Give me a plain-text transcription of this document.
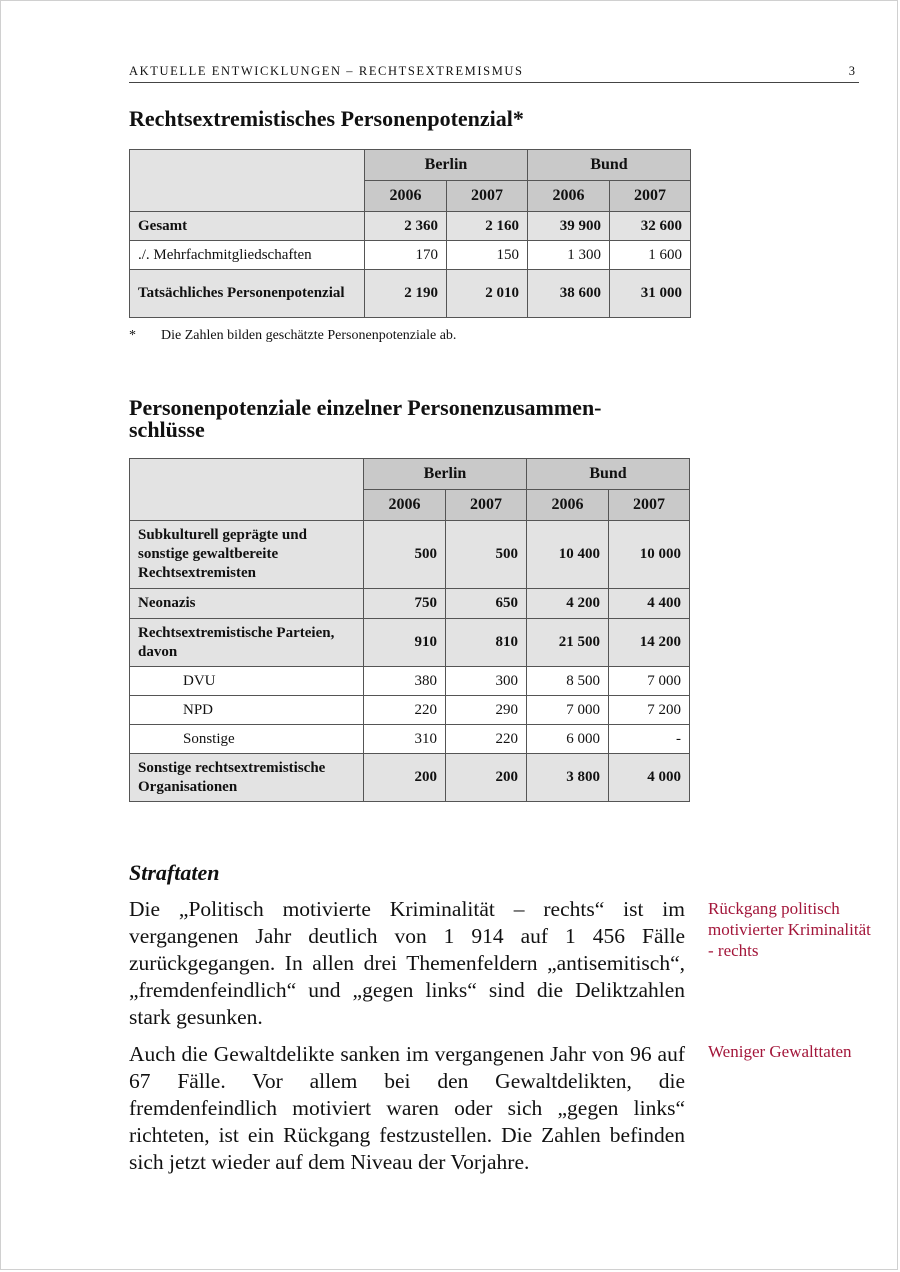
AKTUELLE ENTWICKLUNGEN – RECHTSEXTREMISMUS	3
Rechtsextremistisches Personenpotenzial*
	Berlin		Bund	
	2006	2007	2006	2007
Gesamt	2 360	2 160	39 900	32 600
./. Mehrfachmitgliedschaften	170	150	1 300	1 600
Tatsächliches Personenpotenzial	2 190	2 010	38 600	31 000
* Die Zahlen bilden geschätzte Personenpotenziale ab.
Personenpotenziale einzelner Personenzusammen-schlüsse
	Berlin		Bund	
	2006	2007	2006	2007
Subkulturell geprägte und sonstige gewaltbereite Rechtsextremisten	500	500	10 400	10 000
Neonazis	750	650	4 200	4 400
Rechtsextremistische Parteien, davon	910	810	21 500	14 200
DVU	380	300	8 500	7 000
NPD	220	290	7 000	7 200
Sonstige	310	220	6 000	-
Sonstige rechtsextremistische Organisationen	200	200	3 800	4 000
Straftaten

Die „Politisch motivierte Kriminalität – rechts“ ist im vergangenen Jahr deutlich von 1 914 auf 1 456 Fälle zurückgegangen. In allen drei Themenfeldern „antisemitisch“, „fremdenfeindlich“ und „gegen links“ sind die Deliktzahlen stark gesunken.

Auch die Gewaltdelikte sanken im vergangenen Jahr von 96 auf 67 Fälle. Vor allem bei den Gewaltdelikten, die fremdenfeindlich motiviert waren oder sich „gegen links“ richteten, ist ein Rückgang festzustellen. Die Zahlen befinden sich jetzt wieder auf dem Niveau der Vorjahre.

Rückgang politisch motivierter Kriminalität - rechts
Weniger Gewalttaten
